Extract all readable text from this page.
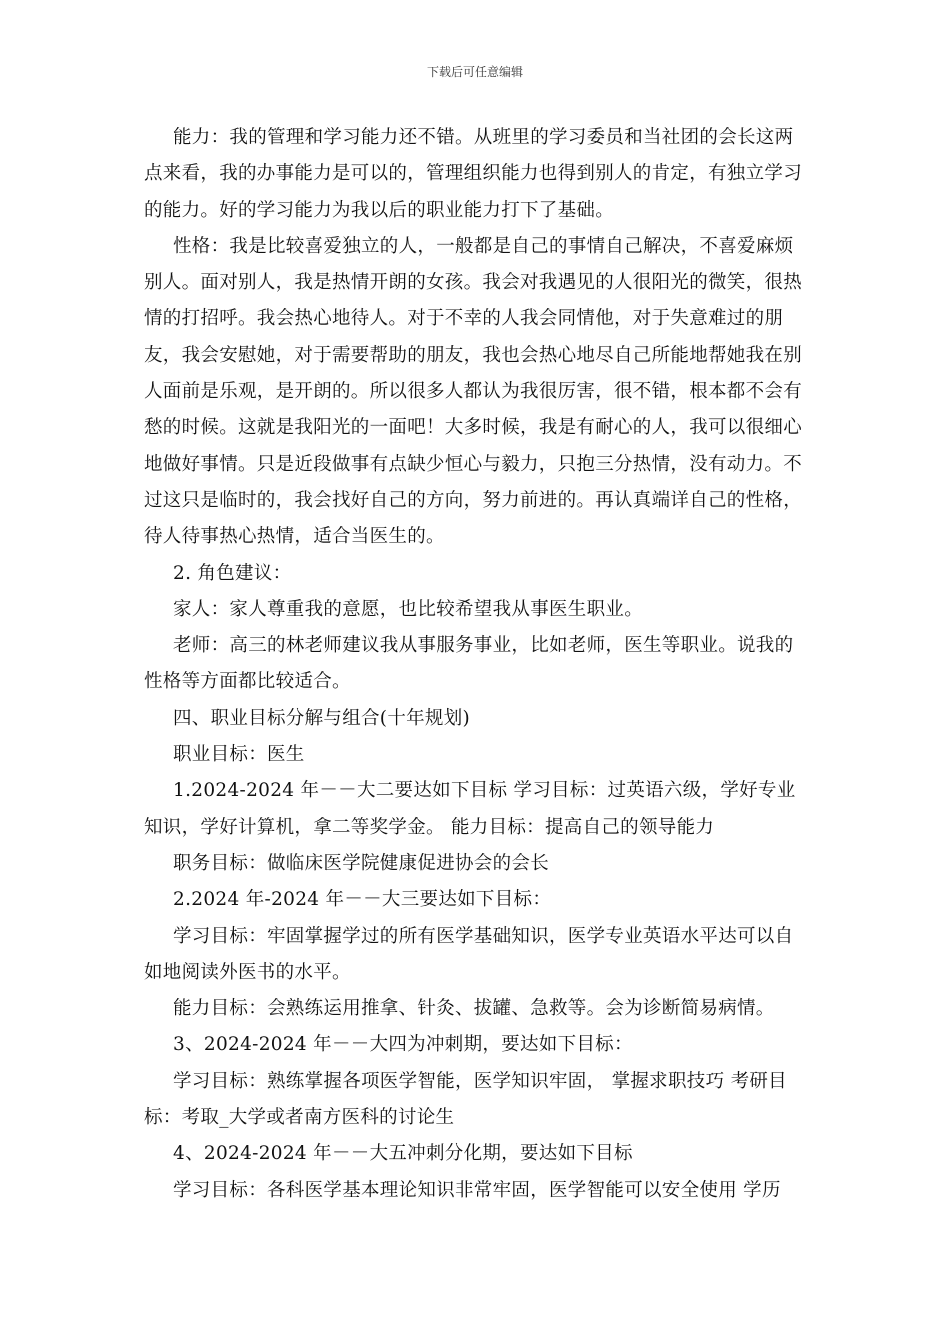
下载后可任意编辑

能力：我的管理和学习能力还不错。从班里的学习委员和当社团的会长这两点来看，我的办事能力是可以的，管理组织能力也得到别人的肯定，有独立学习的能力。好的学习能力为我以后的职业能力打下了基础。

性格：我是比较喜爱独立的人，一般都是自己的事情自己解决，不喜爱麻烦别人。面对别人，我是热情开朗的女孩。我会对我遇见的人很阳光的微笑，很热情的打招呼。我会热心地待人。对于不幸的人我会同情他，对于失意难过的朋友，我会安慰她，对于需要帮助的朋友，我也会热心地尽自己所能地帮她我在别人面前是乐观，是开朗的。所以很多人都认为我很厉害，很不错，根本都不会有愁的时候。这就是我阳光的一面吧！大多时候，我是有耐心的人，我可以很细心地做好事情。只是近段做事有点缺少恒心与毅力，只抱三分热情，没有动力。不过这只是临时的，我会找好自己的方向，努力前进的。再认真端详自己的性格，待人待事热心热情，适合当医生的。

2. 角色建议：

家人：家人尊重我的意愿，也比较希望我从事医生职业。

老师：高三的林老师建议我从事服务事业，比如老师，医生等职业。说我的性格等方面都比较适合。

四、职业目标分解与组合(十年规划)

职业目标：医生

1.2024-2024 年－－大二要达如下目标 学习目标：过英语六级，学好专业知识，学好计算机，拿二等奖学金。 能力目标：提高自己的领导能力

职务目标：做临床医学院健康促进协会的会长

2.2024 年-2024 年－－大三要达如下目标：

学习目标：牢固掌握学过的所有医学基础知识，医学专业英语水平达可以自如地阅读外医书的水平。

能力目标：会熟练运用推拿、针灸、拔罐、急救等。会为诊断简易病情。

3、2024-2024 年－－大四为冲刺期，要达如下目标：

学习目标：熟练掌握各项医学智能，医学知识牢固， 掌握求职技巧 考研目标：考取_大学或者南方医科的讨论生

4、2024-2024 年－－大五冲刺分化期，要达如下目标

学习目标：各科医学基本理论知识非常牢固，医学智能可以安全使用 学历
